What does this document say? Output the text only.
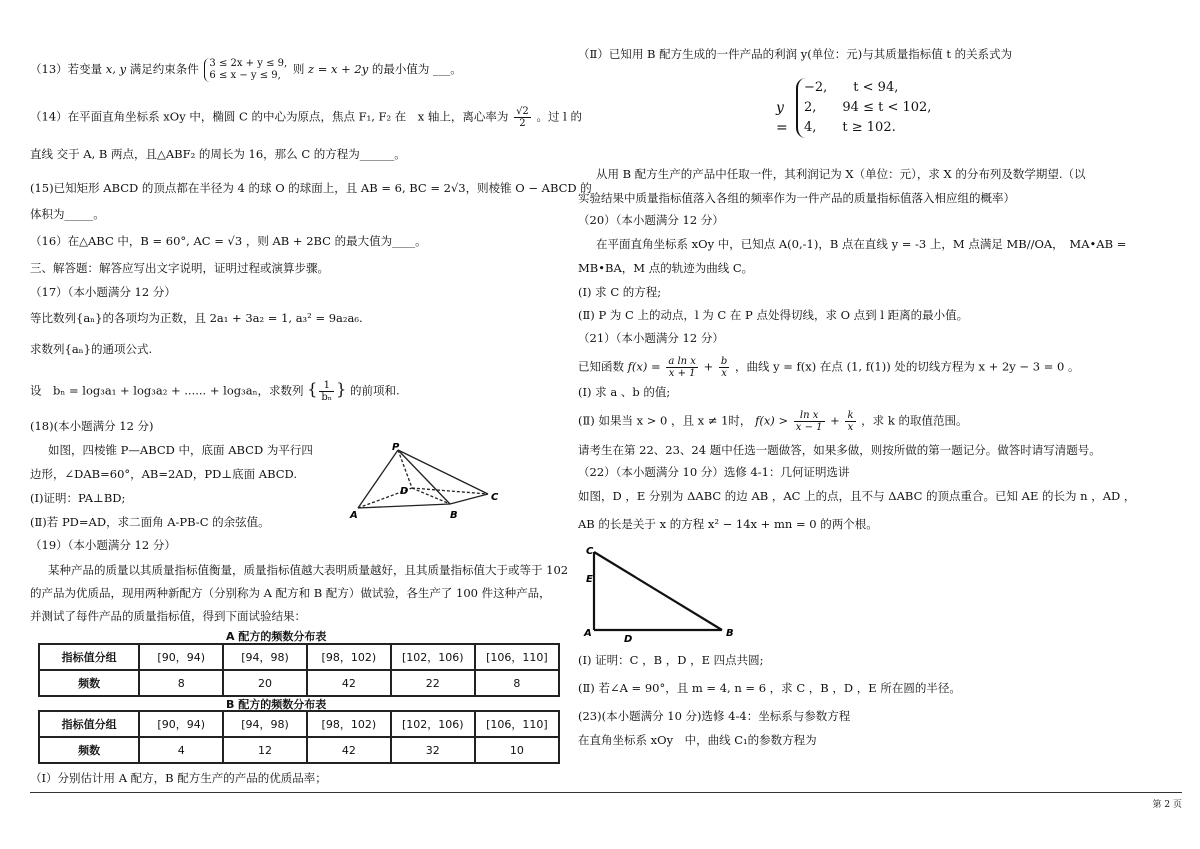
（13）若变量 x, y 满足约束条件 3 ≤ 2x + y ≤ 9,
6 ≤ x − y ≤ 9,	则 z = x + 2y 的最小值为 ___。
（14）在平面直角坐标系 xOy 中，椭圆 C 的中心为原点，焦点 F₁, F₂ 在　x 轴上，离心率为 $\frac{√2}{2}$ 。过 l 的
直线 交于 A, B 两点，且△ABF₂ 的周长为 16，那么 C 的方程为______。
(15)已知矩形 ABCD 的顶点都在半径为 4 的球 O 的球面上，且 AB = 6, BC = 2√3，则棱锥 O − ABCD 的
体积为_____。
（16）在△ABC 中，B = 60°, AC = √3 ，则 AB + 2BC 的最大值为____。
三、解答题：解答应写出文字说明，证明过程或演算步骤。
（17）（本小题满分 12 分）
等比数列{aₙ}的各项均为正数，且 2a₁ + 3a₂ = 1, a₃² = 9a₂a₆.
求数列{aₙ}的通项公式.
设　bₙ = log₃a₁ + log₃a₂ + ...... + log₃aₙ，求数列 { $\frac{1}{\text{bₙ}}$ } 的前项和.
(18)(本小题满分 12 分)
如图，四棱锥 P—ABCD 中，底面 ABCD 为平行四
边形，∠DAB=60°，AB=2AD，PD⊥底面 ABCD.
(Ⅰ)证明：PA⊥BD;
(Ⅱ)若 PD=AD，求二面角 A-PB-C 的余弦值。
P
D
C
A	B
（19）（本小题满分 12 分）
某种产品的质量以其质量指标值衡量，质量指标值越大表明质量越好，且其质量指标值大于或等于 102
的产品为优质品，现用两种新配方（分别称为 A 配方和 B 配方）做试验，各生产了 100 件这种产品，
并测试了每件产品的质量指标值，得到下面试验结果：
A 配方的频数分布表
指标值分组	[90，94)	[94，98)	[98，102)	[102，106)	[106，110]
频数	8	20	42	22	8
B 配方的频数分布表
指标值分组	[90，94)	[94，98)	[98，102)	[102，106)	[106，110]
频数	4	12	42	32	10
（Ⅰ）分别估计用 A 配方，B 配方生产的产品的优质品率；
（Ⅱ）已知用 B 配方生成的一件产品的利润 y(单位：元)与其质量指标值 t 的关系式为
y =
−2,　　t < 94,
2,　　94 ≤ t < 102,
4,　　t ≥ 102.
从用 B 配方生产的产品中任取一件，其利润记为 X（单位：元），求 X 的分布列及数学期望.（以
实验结果中质量指标值落入各组的频率作为一件产品的质量指标值落入相应组的概率）
（20）（本小题满分 12 分）
在平面直角坐标系 xOy 中，已知点 A(0,-1)，B 点在直线 y = -3 上，M 点满足 MB//OA，　MA•AB =
MB•BA，M 点的轨迹为曲线 C。
(Ⅰ) 求 C 的方程;
(Ⅱ) P 为 C 上的动点，l 为 C 在 P 点处得切线，求 O 点到 l 距离的最小值。
（21）（本小题满分 12 分）
已知函数 $f(x) = \frac{\text{a ln x}}{x + 1} + \frac{b}{x}$ ，曲线 y = f(x) 在点 (1, f(1)) 处的切线方程为 x + 2y − 3 = 0 。
(Ⅰ) 求 a 、b 的值;
(Ⅱ) 如果当 x > 0 ，且 x ≠ 1时， $f(x) > \frac{\text{ln x}}{x - 1} + \frac{k}{x}$ ，求 k 的取值范围。
请考生在第 22、23、24 题中任选一题做答，如果多做，则按所做的第一题记分。做答时请写清题号。
（22）（本小题满分 10 分）选修 4-1：几何证明选讲
如图，D ，E 分别为 ΔABC 的边 AB ，AC 上的点，且不与 ΔABC 的顶点重合。已知 AE 的长为 n ，AD ，
AB 的长是关于 x 的方程 x² − 14x + mn = 0 的两个根。
C
E
A
D
B
(Ⅰ) 证明：C ，B ，D ，E 四点共圆;
(Ⅱ) 若∠A = 90°，且 m = 4, n = 6 ，求 C ，B ，D ，E 所在圆的半径。
(23)(本小题满分 10 分)选修 4-4：坐标系与参数方程
在直角坐标系 xOy　中，曲线 C₁的参数方程为
第 2 页
